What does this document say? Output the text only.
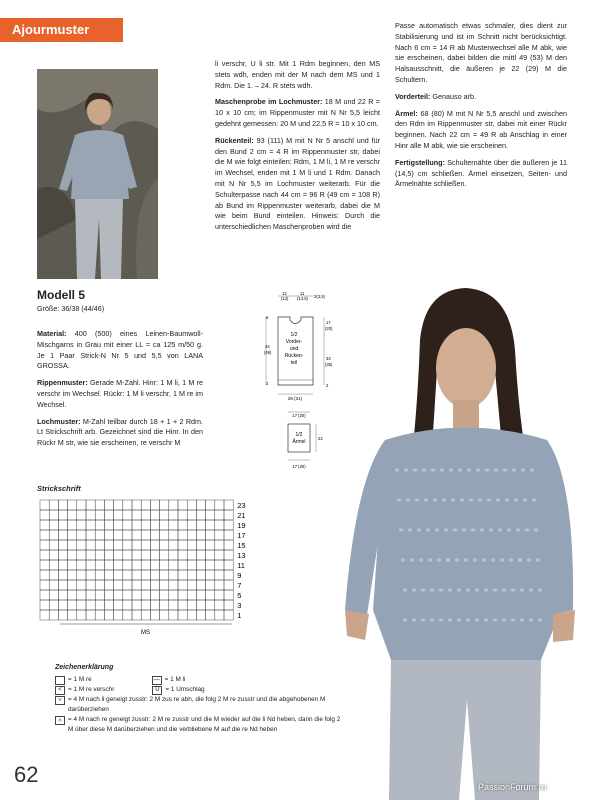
Ajourmuster

li verschr, U li str. Mit 1 Rdm beginnen, den MS stets wdh, enden mit der M nach dem MS und 1 Rdm. Die 1. – 24. R stets wdh.

Maschenprobe im Lochmuster: 18 M und 22 R = 10 x 10 cm; im Rippenmuster mit N Nr 5,5 leicht gedehnt gemessen: 20 M und 22,5 R = 10 x 10 cm.

Rückenteil: 93 (111) M mit N Nr 5 anschl und für den Bund 2 cm = 4 R im Rippenmuster str, dabei die M wie folgt einteilen: Rdm, 1 M li, 1 M re verschr im Wechsel, enden mit 1 M li und 1 Rdm. Danach mit N Nr 5,5 im Lochmuster weiterarb. Für die Schulterpasse nach 44 cm = 96 R (49 cm = 108 R) ab Bund im Rippenmuster weiterarb, dabei die M wie beim Bund einteilen. Hinweis: Durch die unterschiedlichen Maschenproben wird die

Passe automatisch etwas schmaler, dies dient zur Stabilisierung und ist im Schnitt nicht berücksichtigt. Nach 6 cm = 14 R ab Musterwechsel alle M abk, wie sie erscheinen, dabei bilden die mittl 49 (53) M den Halsausschnitt, die äußeren je 22 (29) M die Schultern.

Vorderteil: Genauso arb.

Ärmel: 68 (80) M mit N Nr 5,5 anschl und zwischen den Rdm im Rippenmuster str, dabei mit einer Rückr beginnen. Nach 22 cm = 49 R ab Anschlag in einer Hinr alle M abk, wie sie erscheinen.

Fertigstellung: Schulternähte über die äußeren je 11 (14,5) cm schließen. Ärmel einsetzen, Seiten- und Ärmelnähte schließen.

Modell 5
Größe: 36/38 (44/46)

Material: 400 (500) eines Leinen-Baumwoll-Mischgarns in Grau mit einer LL = ca 125 m/50 g. Je 1 Paar Strick-N Nr 5 und 5,5 von LANA GROSSA.

Rippenmuster: Gerade M-Zahl. Hinr: 1 M li, 1 M re verschr im Wechsel. Rückr: 1 M li verschr, 1 M re im Wechsel.

Lochmuster: M-Zahl teilbar durch 18 + 1 + 2 Rdm. Lt Strickschrift arb. Gezeichnet sind die Hinr. In den Rückr M str, wie sie erscheinen, re verschr M

1/2
Vorder-
und
Rücken-
teil
12
(13)
11
(14,5) 3(3,5)
6
44
(49)
2
17
(20)
33
(35)
2
26 (31)
17 (20)
1/2
Ärmel
22
17 (20)
Strickschrift
23
21
19
17
15
13
11
9
7
5
3
1
MS
Zeichenerklärung
= 1 M re	— = 1 M li
< = 1 M re verschr	U = 1 Umschlag
⩒ = 4 M nach li geneigt zusstr: 2 M zus re abh, die folg 2 M re zusstr und die abgehobenen M darüberziehen
⩑ = 4 M nach re geneigt zusstr: 2 M re zusstr und die M wieder auf die li Nd heben, dann die folg 2 M über diese M darüberziehen und die verbliebene M auf die re Nd heben
62	PassionForum.ru
